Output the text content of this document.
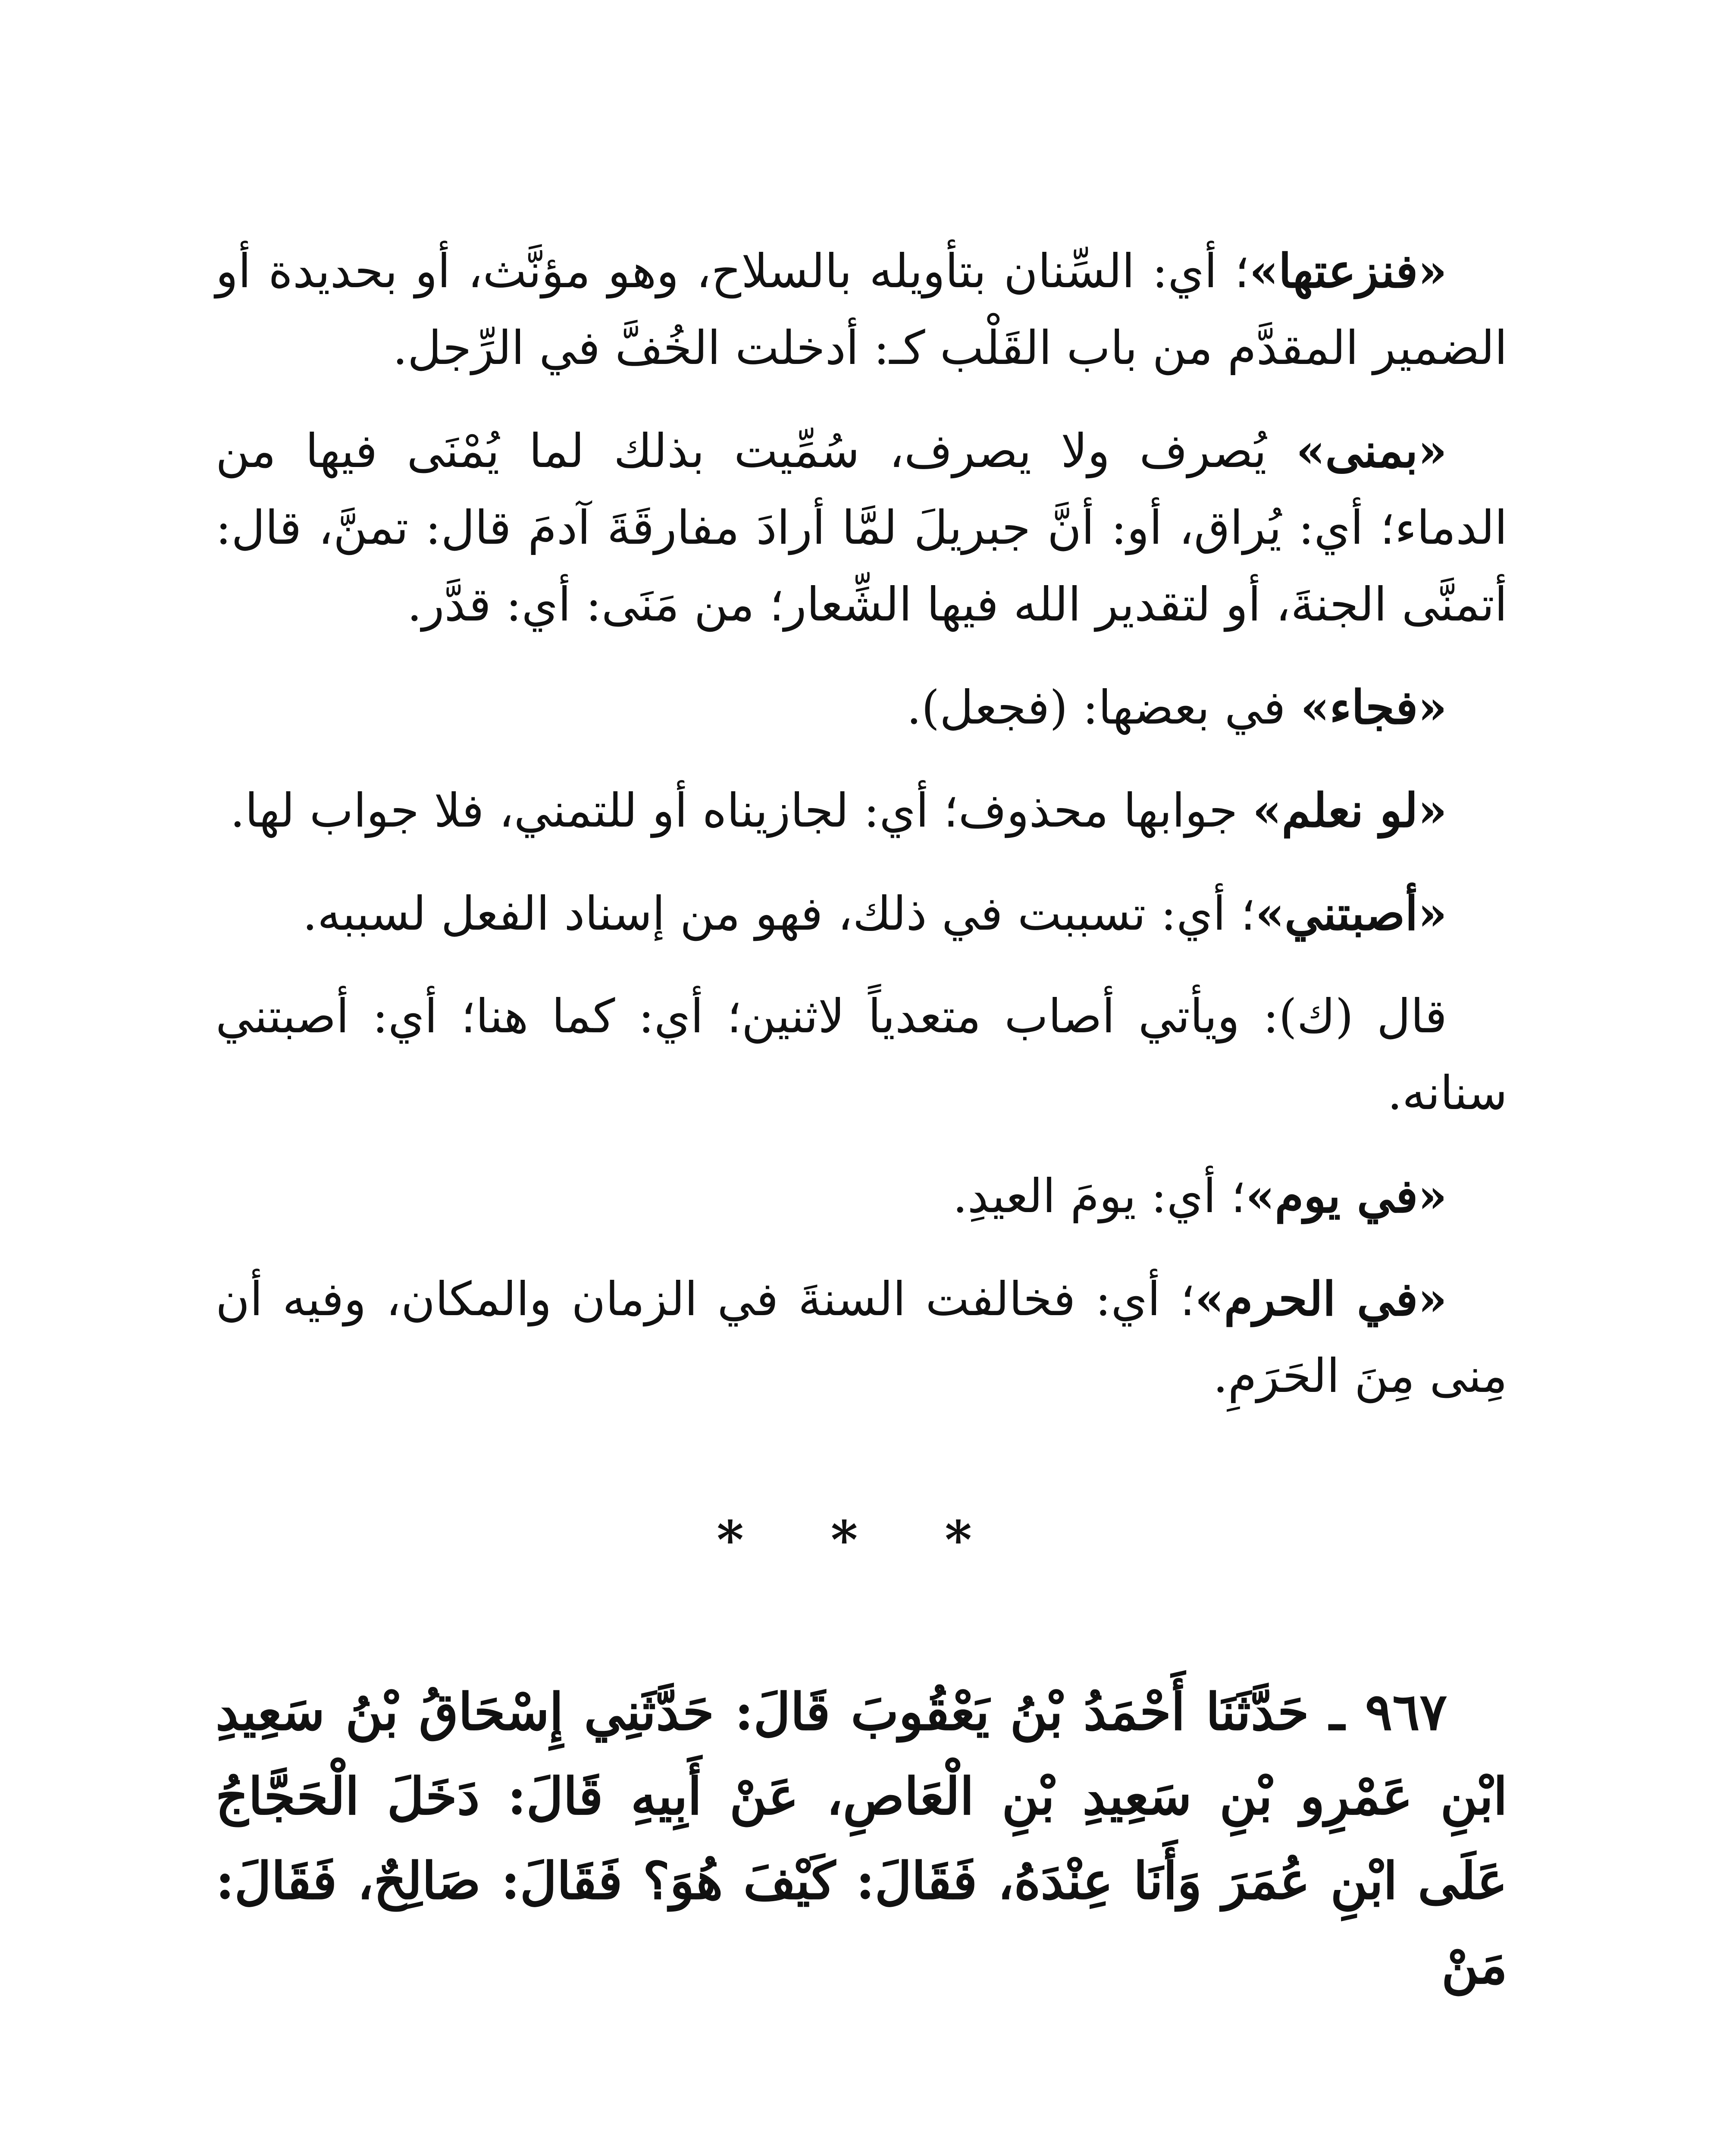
«فنزعتها»؛ أي: السِّنان بتأويله بالسلاح، وهو مؤنَّث، أو بحديدة أو الضمير المقدَّم من باب القَلْب كـ: أدخلت الخُفَّ في الرِّجل.

«بمنى» يُصرف ولا يصرف، سُمِّيت بذلك لما يُمْنَى فيها من الدماء؛ أي: يُراق، أو: أنَّ جبريلَ لمَّا أرادَ مفارقَةَ آدمَ قال: تمنَّ، قال: أتمنَّى الجنةَ، أو لتقدير الله فيها الشِّعار؛ من مَنَى: أي: قدَّر.

«فجاء» في بعضها: (فجعل).

«لو نعلم» جوابها محذوف؛ أي: لجازيناه أو للتمني، فلا جواب لها.

«أصبتني»؛ أي: تسببت في ذلك، فهو من إسناد الفعل لسببه.

قال (ك): ويأتي أصاب متعدياً لاثنين؛ أي: كما هنا؛ أي: أصبتني سنانه.

«في يوم»؛ أي: يومَ العيدِ.

«في الحرم»؛ أي: فخالفت السنةَ في الزمان والمكان، وفيه أن مِنى مِنَ الحَرَمِ.

* * *

٩٦٧ ـ حَدَّثَنَا أَحْمَدُ بْنُ يَعْقُوبَ قَالَ: حَدَّثَنِي إِسْحَاقُ بْنُ سَعِيدِ ابْنِ عَمْرِو بْنِ سَعِيدِ بْنِ الْعَاصِ، عَنْ أَبِيهِ قَالَ: دَخَلَ الْحَجَّاجُ عَلَى ابْنِ عُمَرَ وَأَنَا عِنْدَهُ، فَقَالَ: كَيْفَ هُوَ؟ فَقَالَ: صَالِحٌ، فَقَالَ: مَنْ
